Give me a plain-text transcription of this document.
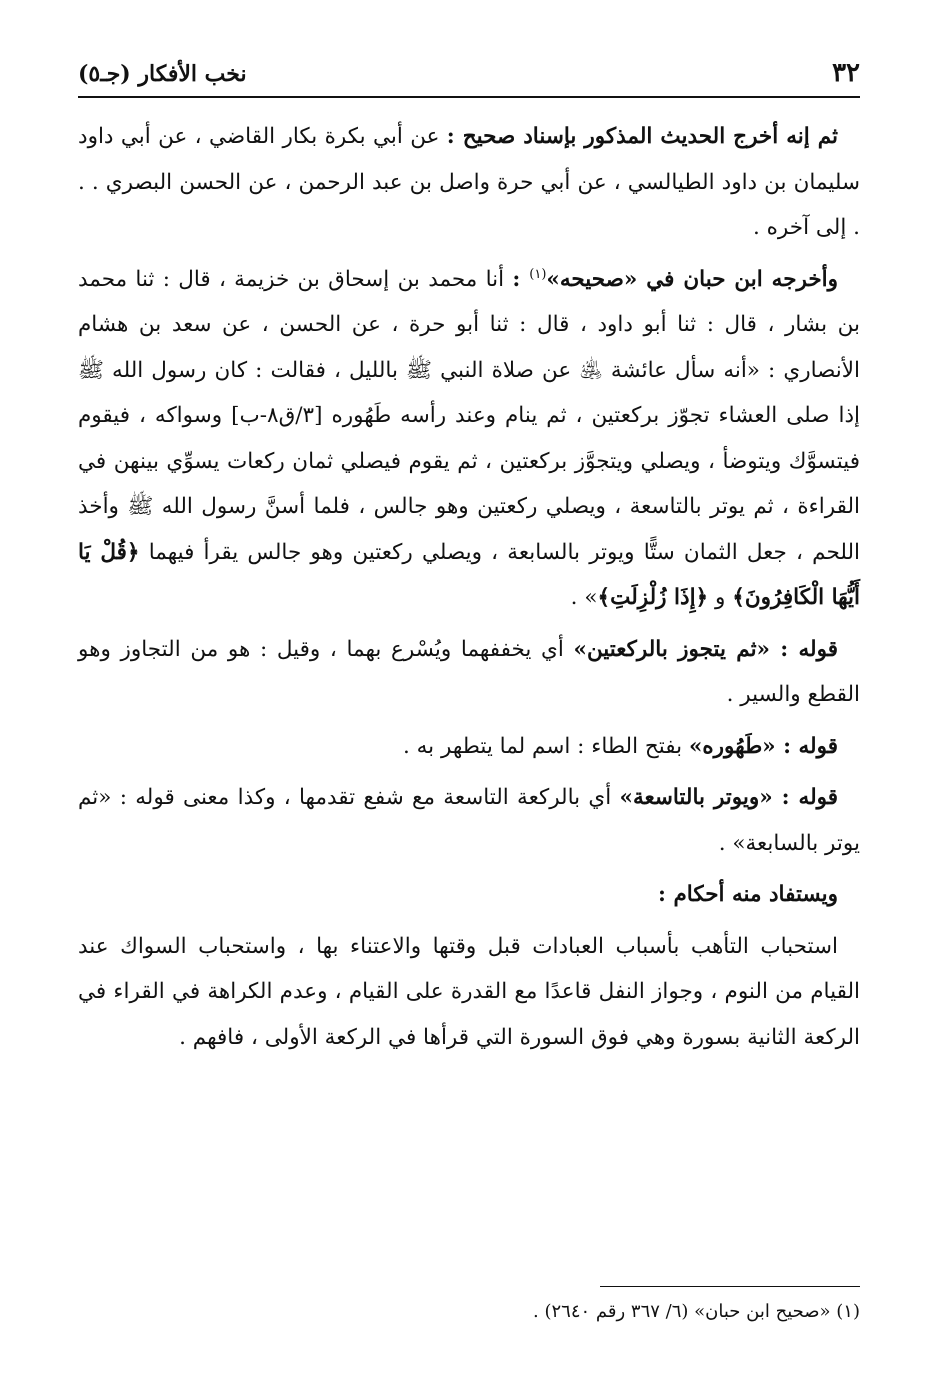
٣٢
نخب الأفكار (جـ٥)

ثم إنه أخرج الحديث المذكور بإسناد صحيح : عن أبي بكرة بكار القاضي ، عن أبي داود سليمان بن داود الطيالسي ، عن أبي حرة واصل بن عبد الرحمن ، عن الحسن البصري . . . إلى آخره .

وأخرجه ابن حبان في «صحيحه»$^{(١)}$ : أنا محمد بن إسحاق بن خزيمة ، قال : ثنا محمد بن بشار ، قال : ثنا أبو داود ، قال : ثنا أبو حرة ، عن الحسن ، عن سعد بن هشام الأنصاري : «أنه سأل عائشة ﵁ عن صلاة النبي ﷺ بالليل ، فقالت : كان رسول الله ﷺ إذا صلى العشاء تجوّز بركعتين ، ثم ينام وعند رأسه طَهُوره [٣/ق٨-ب] وسواكه ، فيقوم فيتسوَّك ويتوضأ ، ويصلي ويتجوَّز بركعتين ، ثم يقوم فيصلي ثمان ركعات يسوِّي بينهن في القراءة ، ثم يوتر بالتاسعة ، ويصلي ركعتين وهو جالس ، فلما أسنَّ رسول الله ﷺ وأخذ اللحم ، جعل الثمان ستًّا ويوتر بالسابعة ، ويصلي ركعتين وهو جالس يقرأ فيهما ﴿قُلْ يَا أَيُّهَا الْكَافِرُونَ﴾ و ﴿إِذَا زُلْزِلَتِ﴾» .

قوله : «ثم يتجوز بالركعتين» أي يخففهما ويُسْرع بهما ، وقيل : هو من التجاوز وهو القطع والسير .

قوله : «طَهُوره» بفتح الطاء : اسم لما يتطهر به .

قوله : «ويوتر بالتاسعة» أي بالركعة التاسعة مع شفع تقدمها ، وكذا معنى قوله : «ثم يوتر بالسابعة» .

ويستفاد منه أحكام :

استحباب التأهب بأسباب العبادات قبل وقتها والاعتناء بها ، واستحباب السواك عند القيام من النوم ، وجواز النفل قاعدًا مع القدرة على القيام ، وعدم الكراهة في القراء في الركعة الثانية بسورة وهي فوق السورة التي قرأها في الركعة الأولى ، فافهم .

(١) «صحيح ابن حبان» (٦/ ٣٦٧ رقم ٢٦٤٠) .
